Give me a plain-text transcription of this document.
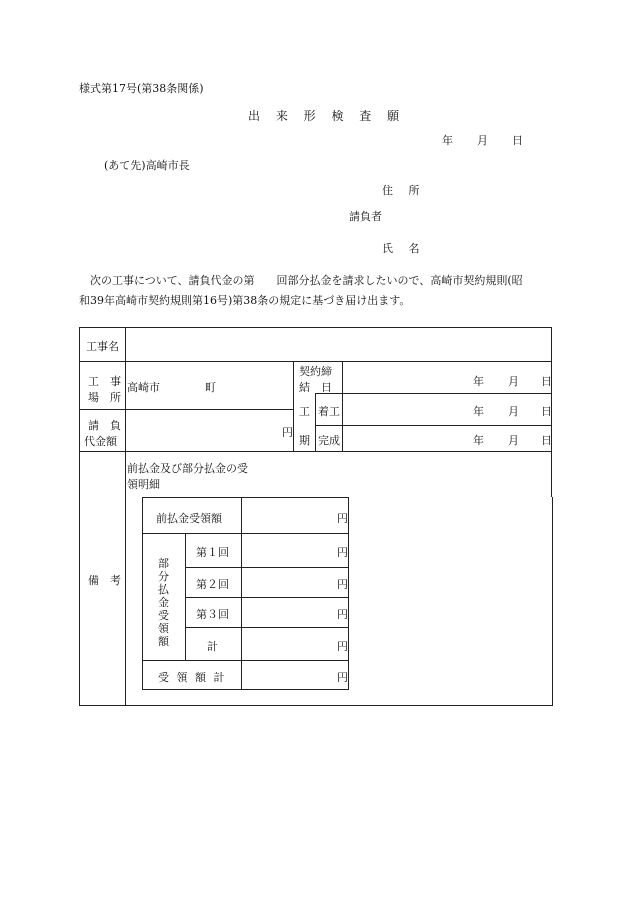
様式第17号(第38条関係)
出 来 形 検 査 願
年 月 日
(あて先)高崎市長
住 所
請負者
氏 名
　次の工事について、請負代金の第　　回部分払金を請求したいので、高崎市契約規則(昭
和39年高崎市契約規則第16号)第38条の規定に基づき届け出ます。
工事名
工　事
場　所
高崎市	町
契約締
結　日	年 月 日
工
期
着工	年 月 日
完成	年 月 日
請　負
代金額
円
備　考
前払金及び部分払金の受
領明細
前払金受領額	円
部
分
払
金
受
領
額
第１回	円
第２回	円
第３回	円
計	円
受 領 額 計	円
